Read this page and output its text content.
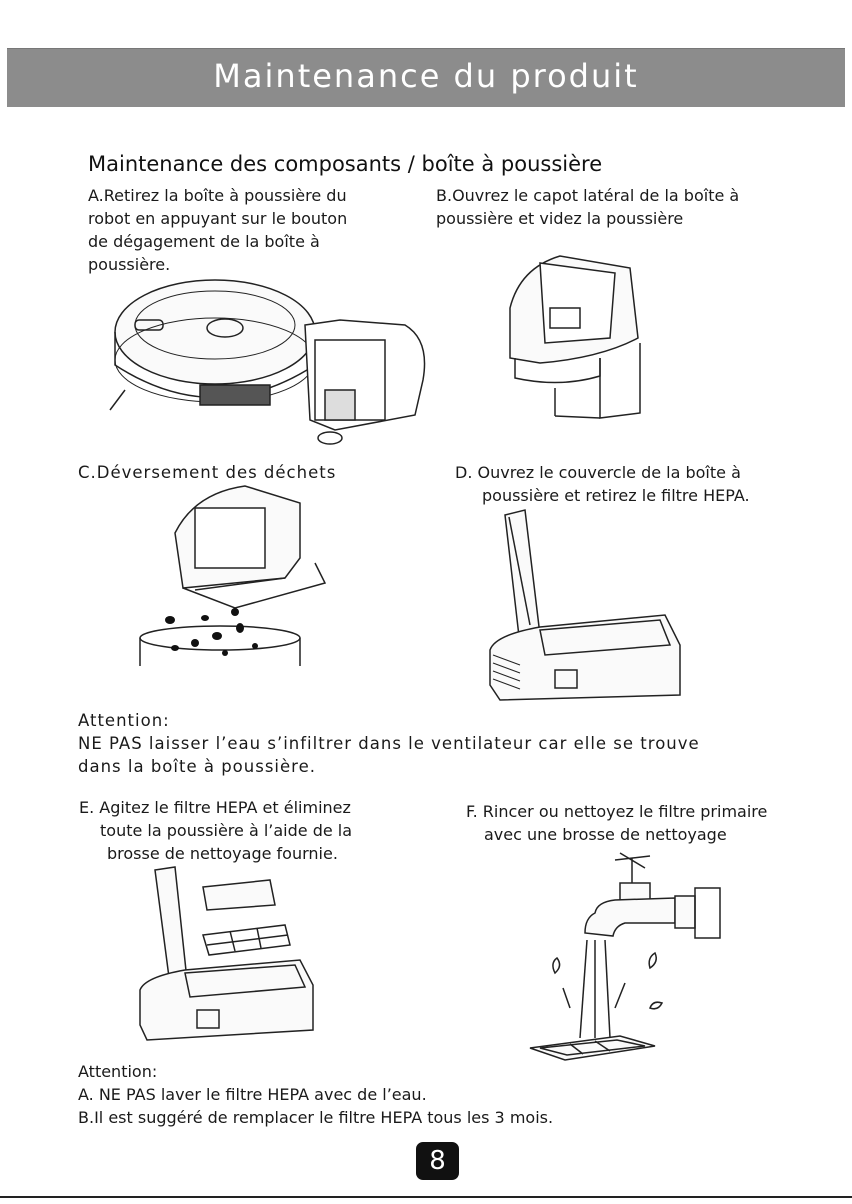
Maintenance du produit
Maintenance des composants / boîte à poussière
A.Retirez la boîte à poussière du
robot en appuyant sur le bouton
de dégagement de la boîte à
poussière.
B.Ouvrez le capot latéral de la boîte à
poussière et videz la poussière
C.Déversement des déchets	D. Ouvrez le couvercle de la boîte à
poussière et retirez le filtre HEPA.
Attention:
NE PAS laisser l’eau s’infiltrer dans le ventilateur car elle se trouve
dans la boîte à poussière.
E. Agitez le filtre HEPA et éliminez
toute la poussière à l’aide de la
brosse de nettoyage fournie.
F. Rincer ou nettoyez le filtre primaire
avec une brosse de nettoyage
Attention:
A. NE PAS laver le filtre HEPA avec de l’eau.
B.Il est suggéré de remplacer le filtre HEPA tous les 3 mois.
8
